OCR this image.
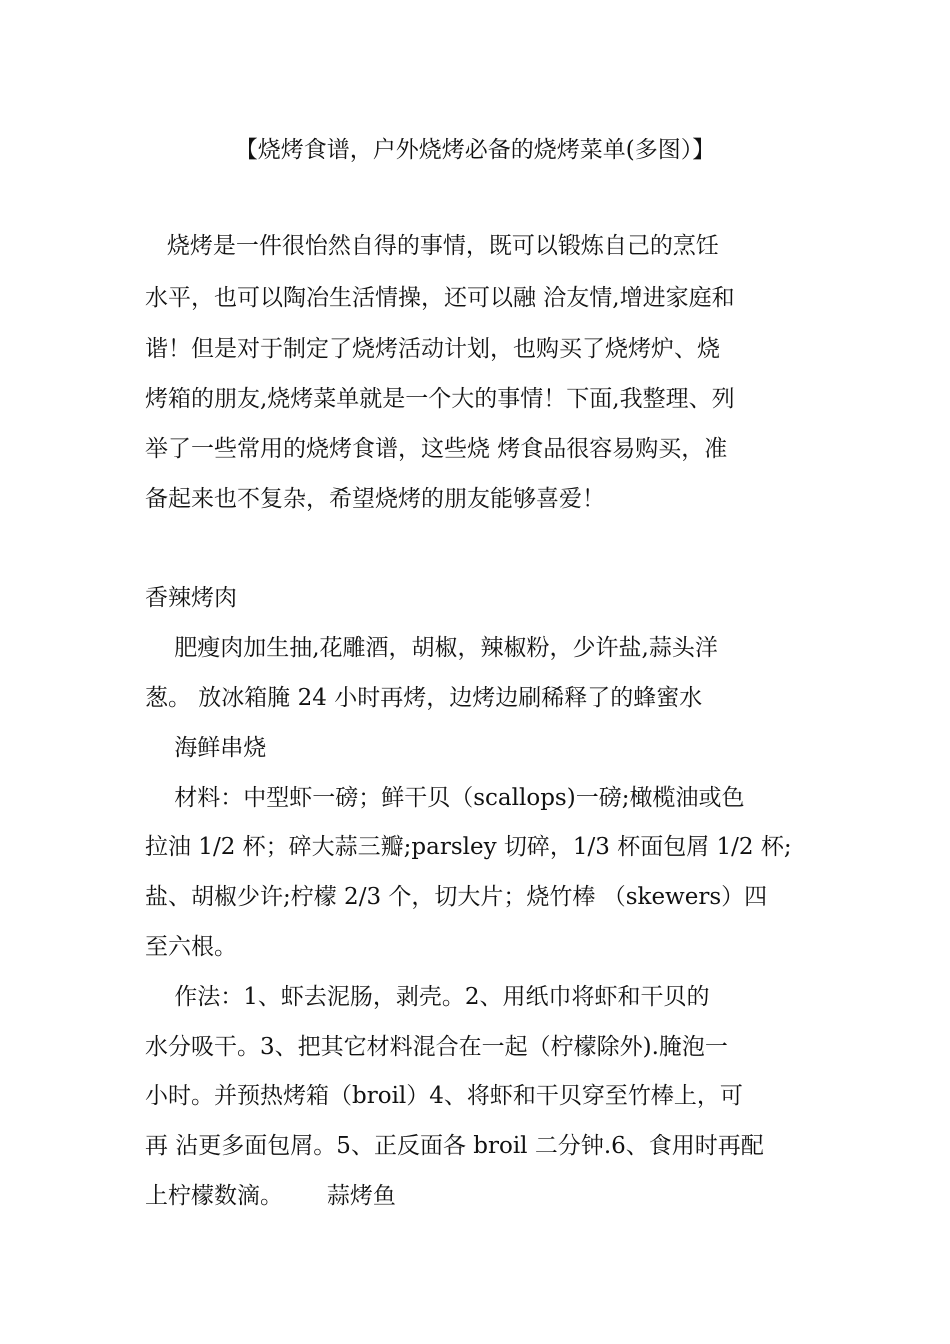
【烧烤食谱，户外烧烤必备的烧烤菜单(多图）】
烧烤是一件很怡然自得的事情，既可以锻炼自己的烹饪
水平，也可以陶冶生活情操，还可以融 洽友情,增进家庭和
谐！但是对于制定了烧烤活动计划，也购买了烧烤炉、烧
烤箱的朋友,烧烤菜单就是一个大的事情！下面,我整理、列
举了一些常用的烧烤食谱，这些烧 烤食品很容易购买，准
备起来也不复杂，希望烧烤的朋友能够喜爱！
香辣烤肉
肥瘦肉加生抽,花雕酒，胡椒，辣椒粉，少许盐,蒜头洋
葱。 放冰箱腌 24 小时再烤，边烤边刷稀释了的蜂蜜水
海鲜串烧
材料：中型虾一磅；鲜干贝（scallops)一磅;橄榄油或色
拉油 1/2 杯；碎大蒜三瓣;parsley 切碎，1/3 杯面包屑 1/2 杯;
盐、胡椒少许;柠檬 2/3 个，切大片；烧竹棒 （skewers）四
至六根。
作法：1、虾去泥肠，剥壳。2、用纸巾将虾和干贝的
水分吸干。3、把其它材料混合在一起（柠檬除外).腌泡一
小时。并预热烤箱（broil）4、将虾和干贝穿至竹棒上，可
再 沾更多面包屑。5、正反面各 broil 二分钟.6、食用时再配
上柠檬数滴。      蒜烤鱼
